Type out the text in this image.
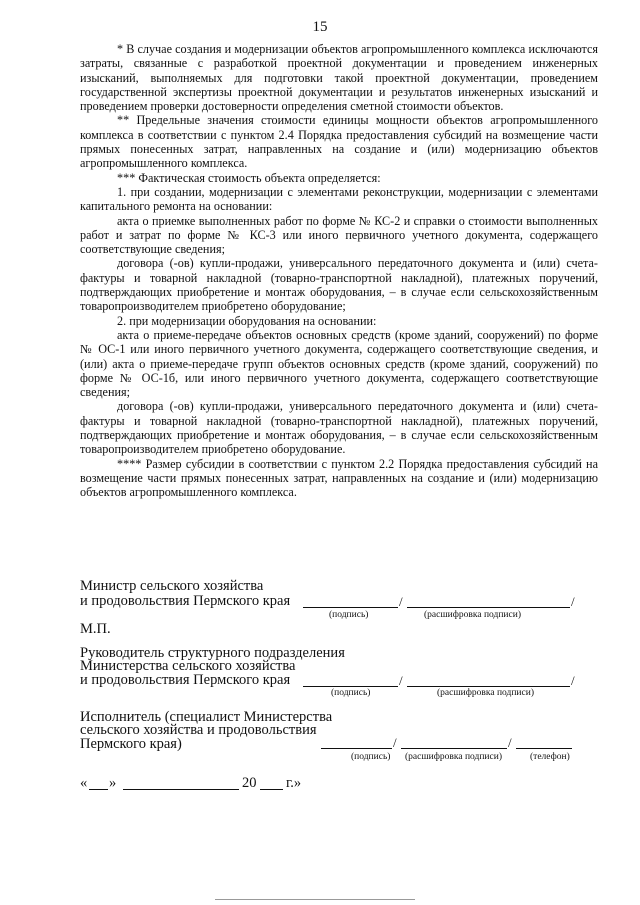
15

* В случае создания и модернизации объектов агропромышленного комплекса исключаются затраты, связанные с разработкой проектной документации и проведением инженерных изысканий, выполняемых для подготовки такой проектной документации, проведением государственной экспертизы проектной документации и результатов инженерных изысканий и проведением проверки достоверности определения сметной стоимости объектов.

** Предельные значения стоимости единицы мощности объектов агропромышленного комплекса в соответствии с пунктом 2.4 Порядка предоставления субсидий на возмещение части прямых понесенных затрат, направленных на создание и (или) модернизацию объектов агропромышленного комплекса.

*** Фактическая стоимость объекта определяется:

1. при создании, модернизации с элементами реконструкции, модернизации с элементами капитального ремонта на основании:

акта о приемке выполненных работ по форме № КС-2 и справки о стоимости выполненных работ и затрат по форме № КС-3 или иного первичного учетного документа, содержащего соответствующие сведения;

договора (-ов) купли-продажи, универсального передаточного документа и (или) счета-фактуры и товарной накладной (товарно-транспортной накладной), платежных поручений, подтверждающих приобретение и монтаж оборудования, – в случае если сельскохозяйственным товаропроизводителем приобретено оборудование;

2. при модернизации оборудования на основании:

акта о приеме-передаче объектов основных средств (кроме зданий, сооружений) по форме № ОС-1 или иного первичного учетного документа, содержащего соответствующие сведения, и (или) акта о приеме-передаче групп объектов основных средств (кроме зданий, сооружений) по форме № ОС-1б, или иного первичного учетного документа, содержащего соответствующие сведения;

договора (-ов) купли-продажи, универсального передаточного документа и (или) счета-фактуры и товарной накладной (товарно-транспортной накладной), платежных поручений, подтверждающих приобретение и монтаж оборудования, – в случае если сельскохозяйственным товаропроизводителем приобретено оборудование.

**** Размер субсидии в соответствии с пунктом 2.2 Порядка предоставления субсидий на возмещение части прямых понесенных затрат, направленных на создание и (или) модернизацию объектов агропромышленного комплекса.

Министр сельского хозяйства
и продовольствия Пермского края	/	/
(подпись)	(расшифровка подписи)
М.П.
Руководитель структурного подразделения
Министерства сельского хозяйства
и продовольствия Пермского края	/	/
(подпись)	(расшифровка подписи)
Исполнитель (специалист Министерства
сельского хозяйства и продовольствия
Пермского края)	/	/
(подпись) (расшифровка подписи)	(телефон)
« »	20 г.»
